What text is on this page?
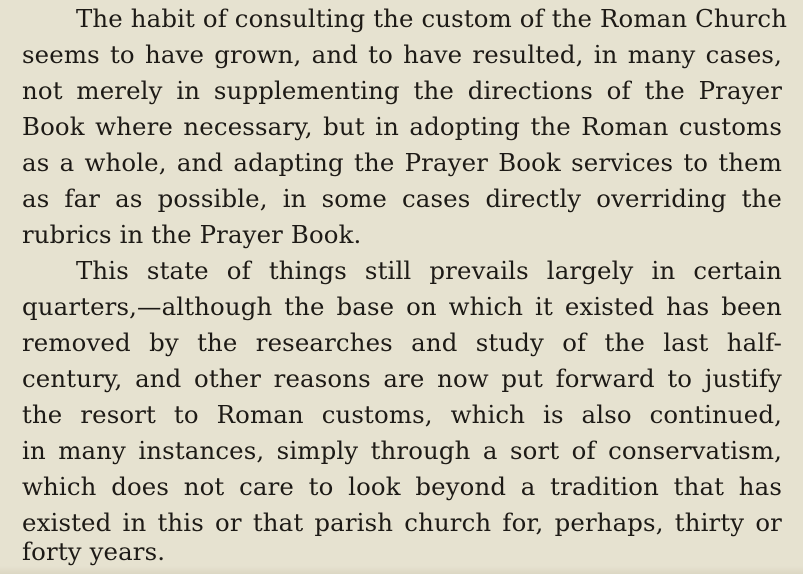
The habit of consulting the custom of the Roman Church
seems to have grown, and to have resulted, in many cases,
not merely in supplementing the directions of the Prayer
Book where necessary, but in adopting the Roman customs
as a whole, and adapting the Prayer Book services to them
as far as possible, in some cases directly overriding the
rubrics in the Prayer Book.
This state of things still prevails largely in certain
quarters,—although the base on which it existed has been
removed by the researches and study of the last half-
century, and other reasons are now put forward to justify
the resort to Roman customs, which is also continued,
in many instances, simply through a sort of conservatism,
which does not care to look beyond a tradition that has
existed in this or that parish church for, perhaps, thirty or
forty years.
